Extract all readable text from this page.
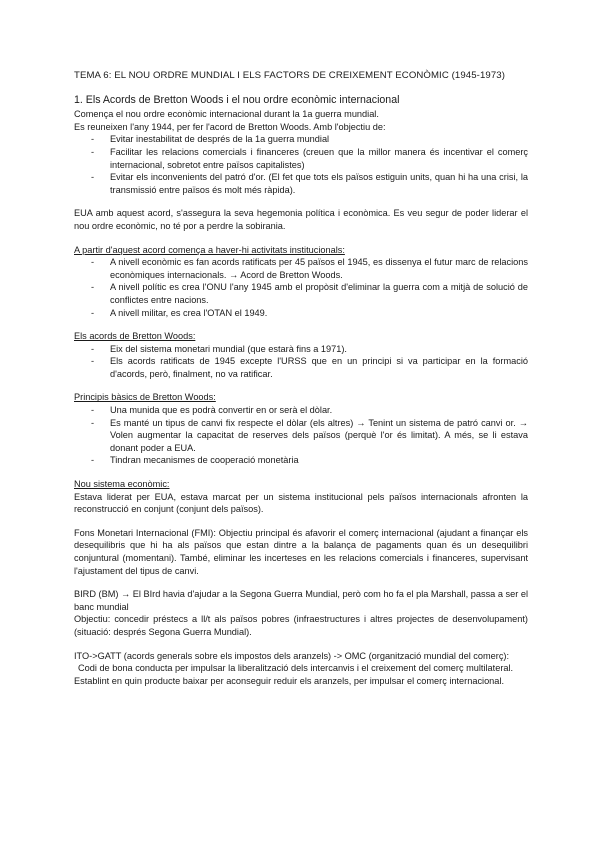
TEMA 6: EL NOU ORDRE MUNDIAL I ELS FACTORS DE CREIXEMENT ECONÒMIC (1945-1973)

1. Els Acords de Bretton Woods i el nou ordre econòmic internacional

Comença el nou ordre econòmic internacional durant la 1a guerra mundial.

Es reuneixen l'any 1944, per fer l'acord de Bretton Woods. Amb l'objectiu de:

- Evitar inestabilitat de després de la 1a guerra mundial
- Facilitar les relacions comercials i financeres (creuen que la millor manera és incentivar el comerç internacional, sobretot entre països capitalistes)
- Evitar els inconvenients del patró d'or. (El fet que tots els països estiguin units, quan hi ha una crisi, la transmissió entre països és molt més ràpida).

EUA amb aquest acord, s'assegura la seva hegemonia política i econòmica. Es veu segur de poder liderar el nou ordre econòmic, no té por a perdre la sobirania.

A partir d'aquest acord comença a haver-hi activitats institucionals:

- A nivell econòmic es fan acords ratificats per 45 països el 1945, es dissenya el futur marc de relacions econòmiques internacionals. → Acord de Bretton Woods.
- A nivell polític es crea l'ONU l'any 1945 amb el propòsit d'eliminar la guerra com a mitjà de solució de conflictes entre nacions.
- A nivell militar, es crea l'OTAN el 1949.

Els acords de Bretton Woods:

- Eix del sistema monetari mundial (que estarà fins a 1971).
- Els acords ratificats de 1945 excepte l'URSS que en un principi si va participar en la formació d'acords, però, finalment, no va ratificar.

Principis bàsics de Bretton Woods:

- Una munida que es podrà convertir en or serà el dòlar.
- Es manté un tipus de canvi fix respecte el dòlar (els altres) → Tenint un sistema de patró canvi or. → Volen augmentar la capacitat de reserves dels països (perquè l'or és limitat). A més, se li estava donant poder a EUA.
- Tindran mecanismes de cooperació monetària

Nou sistema econòmic:

Estava liderat per EUA, estava marcat per un sistema institucional pels països internacionals afronten la reconstrucció en conjunt (conjunt dels països).

Fons Monetari Internacional (FMI): Objectiu principal és afavorir el comerç internacional (ajudant a finançar els desequilibris que hi ha als països que estan dintre a la balança de pagaments quan és un desequilibri conjuntural (momentani). També, eliminar les incerteses en les relacions comercials i financeres, supervisant l'ajustament del tipus de canvi.

BIRD (BM) → El BIrd havia d'ajudar a la Segona Guerra Mundial, però com ho fa el pla Marshall, passa a ser el banc mundial

Objectiu: concedir préstecs a ll/t als països pobres (infraestructures i altres projectes de desenvolupament) (situació: després Segona Guerra Mundial).

ITO->GATT (acords generals sobre els impostos dels aranzels) -> OMC (organització mundial del comerç):

Codi de bona conducta per impulsar la liberalització dels intercanvis i el creixement del comerç multilateral.

Establint en quin producte baixar per aconseguir reduir els aranzels, per impulsar el comerç internacional.
